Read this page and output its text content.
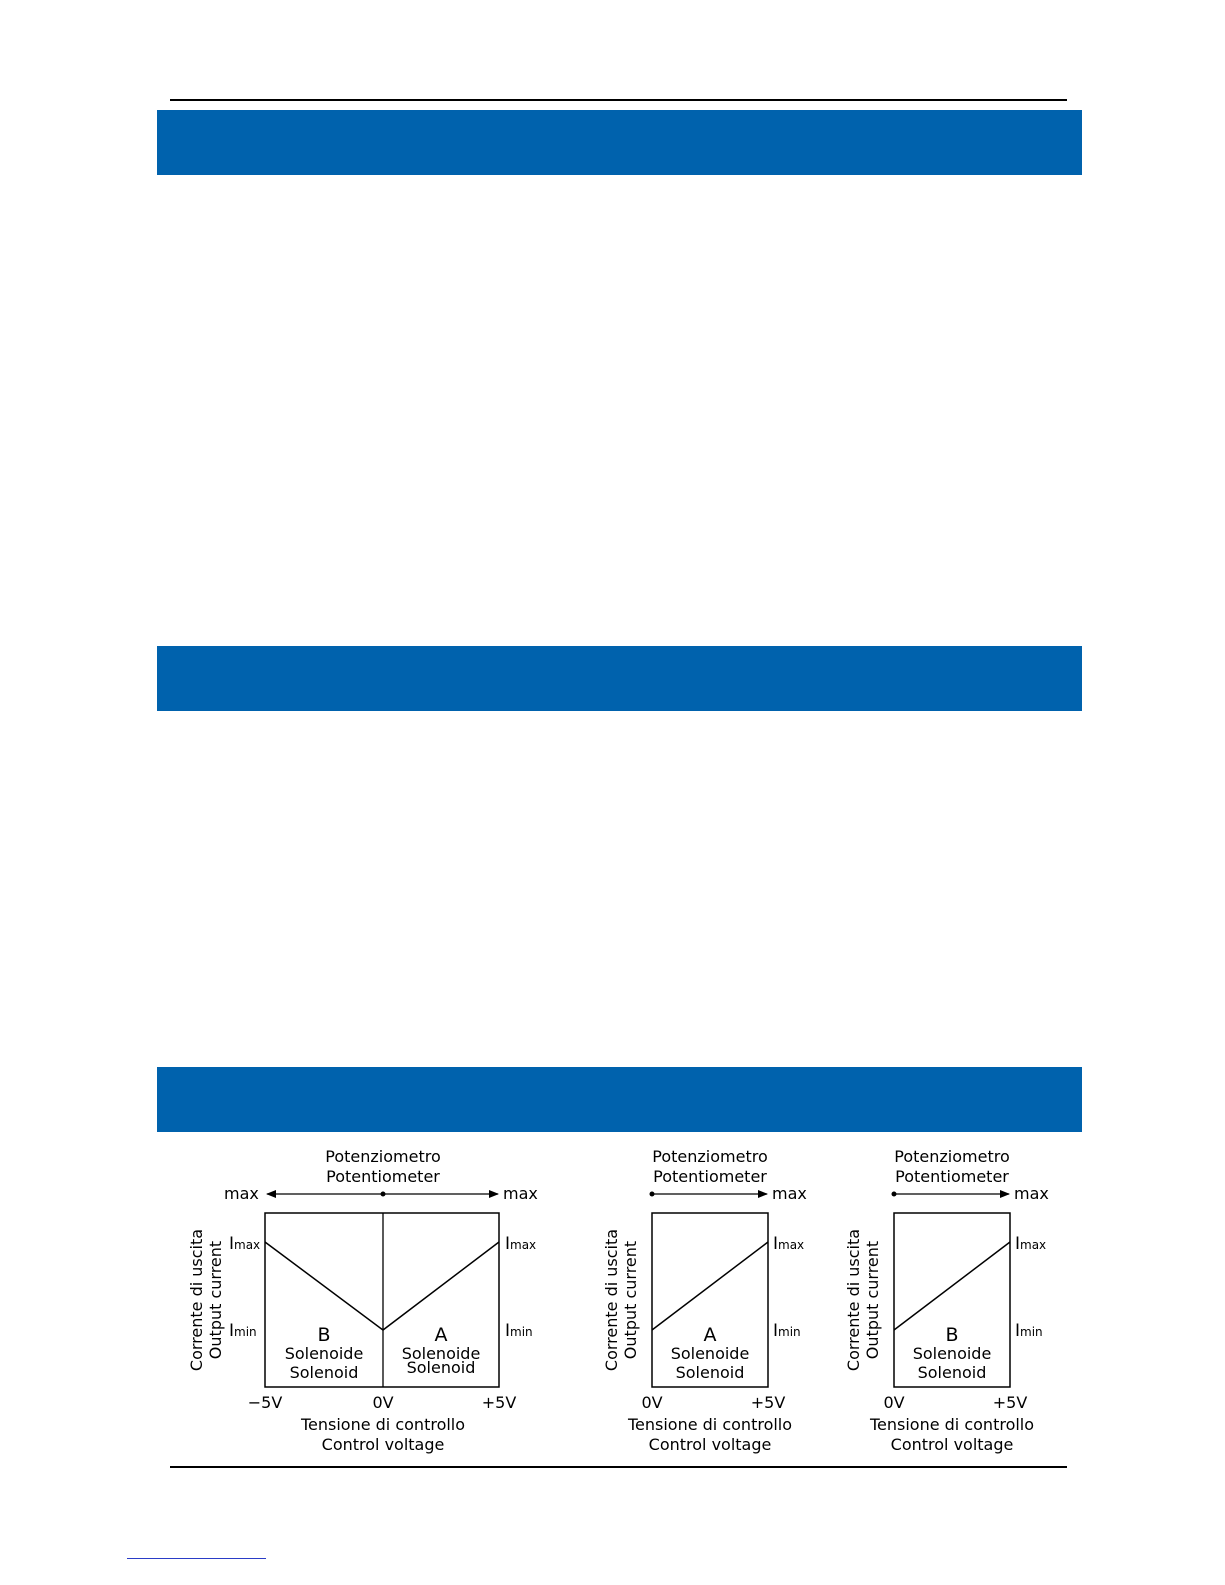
Potenziometro
Potentiometer
max	max
Corrente di uscita Output current Imax
Imin
Imax
Imin
B
Solenoide
Solenoid
A
Solenoide
Solenoid
−5V	0V	+5V
Tensione di controllo
Control voltage
Potenziometro
Potentiometer
max
Corrente di uscita Output current	Imax
Imin
A
Solenoide
Solenoid
0V	+5V
Tensione di controllo
Control voltage
Potenziometro
Potentiometer
max
Corrente di uscita Output current	Imax
Imin
B
Solenoide
Solenoid
0V	+5V
Tensione di controllo
Control voltage
